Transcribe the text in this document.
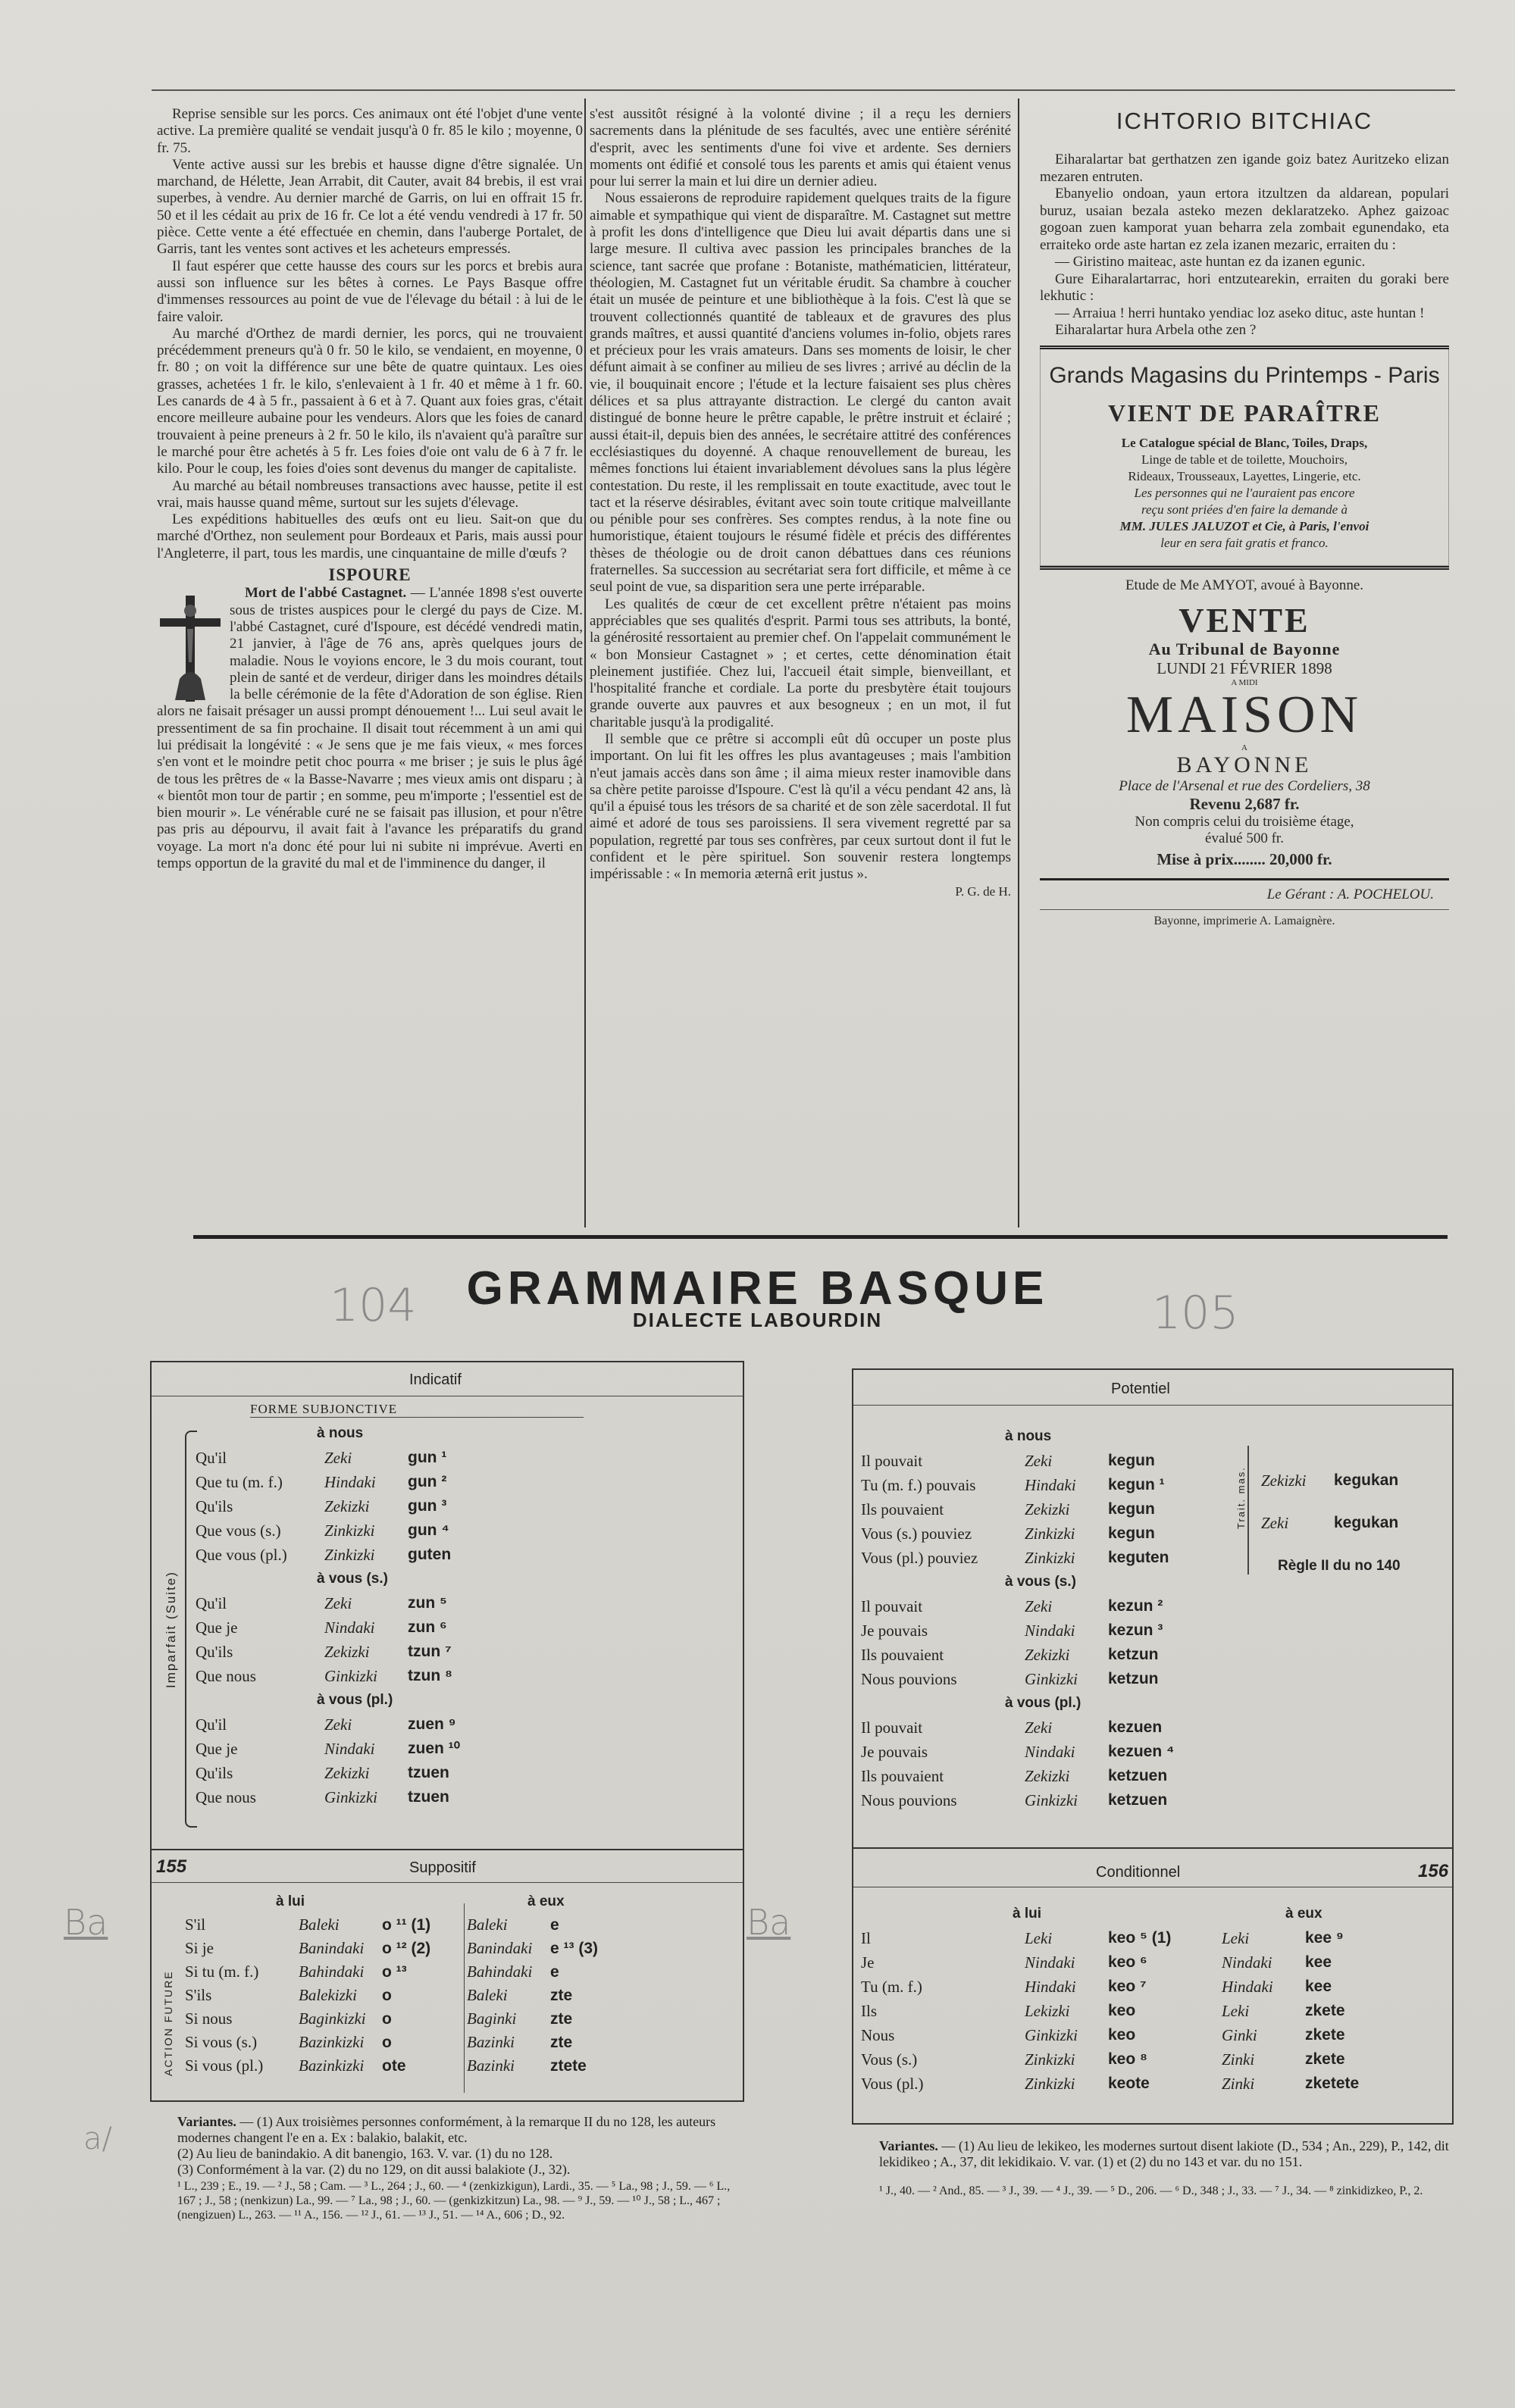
Reprise sensible sur les porcs. Ces animaux ont été l'objet d'une vente active. La première qualité se vendait jusqu'à 0 fr. 85 le kilo ; moyenne, 0 fr. 75.

Vente active aussi sur les brebis et hausse digne d'être signalée. Un marchand, de Hélette, Jean Arrabit, dit Cauter, avait 84 brebis, il est vrai superbes, à vendre. Au dernier marché de Garris, on lui en offrait 15 fr. 50 et il les cédait au prix de 16 fr. Ce lot a été vendu vendredi à 17 fr. 50 pièce. Cette vente a été effectuée en chemin, dans l'auberge Portalet, de Garris, tant les ventes sont actives et les acheteurs empressés.

Il faut espérer que cette hausse des cours sur les porcs et brebis aura aussi son influence sur les bêtes à cornes. Le Pays Basque offre d'immenses ressources au point de vue de l'élevage du bétail : à lui de le faire valoir.

Au marché d'Orthez de mardi dernier, les porcs, qui ne trouvaient précédemment preneurs qu'à 0 fr. 50 le kilo, se vendaient, en moyenne, 0 fr. 80 ; on voit la différence sur une bête de quatre quintaux. Les oies grasses, achetées 1 fr. le kilo, s'enlevaient à 1 fr. 40 et même à 1 fr. 60. Les canards de 4 à 5 fr., passaient à 6 et à 7. Quant aux foies gras, c'était encore meilleure aubaine pour les vendeurs. Alors que les foies de canard trouvaient à peine preneurs à 2 fr. 50 le kilo, ils n'avaient qu'à paraître sur le marché pour être achetés à 5 fr. Les foies d'oie ont valu de 6 à 7 fr. le kilo. Pour le coup, les foies d'oies sont devenus du manger de capitaliste.

Au marché au bétail nombreuses transactions avec hausse, petite il est vrai, mais hausse quand même, surtout sur les sujets d'élevage.

Les expéditions habituelles des œufs ont eu lieu. Sait-on que du marché d'Orthez, non seulement pour Bordeaux et Paris, mais aussi pour l'Angleterre, il part, tous les mardis, une cinquantaine de mille d'œufs ?

ISPOURE

Mort de l'abbé Castagnet. — L'année 1898 s'est ouverte sous de tristes auspices pour le clergé du pays de Cize. M. l'abbé Castagnet, curé d'Ispoure, est décédé vendredi matin, 21 janvier, à l'âge de 76 ans, après quelques jours de maladie. Nous le voyions encore, le 3 du mois courant, tout plein de santé et de verdeur, diriger dans les moindres détails la belle cérémonie de la fête d'Adoration de son église. Rien alors ne faisait présager un aussi prompt dénouement !... Lui seul avait le pressentiment de sa fin prochaine. Il disait tout récemment à un ami qui lui prédisait la longévité : « Je sens que je me fais vieux, « mes forces s'en vont et le moindre petit choc pourra « me briser ; je suis le plus âgé de tous les prêtres de « la Basse-Navarre ; mes vieux amis ont disparu ; à « bientôt mon tour de partir ; en somme, peu m'importe ; l'essentiel est de bien mourir ». Le vénérable curé ne se faisait pas illusion, et pour n'être pas pris au dépourvu, il avait fait à l'avance les préparatifs du grand voyage. La mort n'a donc été pour lui ni subite ni imprévue. Averti en temps opportun de la gravité du mal et de l'imminence du danger, il

s'est aussitôt résigné à la volonté divine ; il a reçu les derniers sacrements dans la plénitude de ses facultés, avec une entière sérénité d'esprit, avec les sentiments d'une foi vive et ardente. Ses derniers moments ont édifié et consolé tous les parents et amis qui étaient venus pour lui serrer la main et lui dire un dernier adieu.

Nous essaierons de reproduire rapidement quelques traits de la figure aimable et sympathique qui vient de disparaître. M. Castagnet sut mettre à profit les dons d'intelligence que Dieu lui avait départis dans une si large mesure. Il cultiva avec passion les principales branches de la science, tant sacrée que profane : Botaniste, mathématicien, littérateur, théologien, M. Castagnet fut un véritable érudit. Sa chambre à coucher était un musée de peinture et une bibliothèque à la fois. C'est là que se trouvent collectionnés quantité de tableaux et de gravures des plus grands maîtres, et aussi quantité d'anciens volumes in-folio, objets rares et précieux pour les vrais amateurs. Dans ses moments de loisir, le cher défunt aimait à se confiner au milieu de ses livres ; arrivé au déclin de la vie, il bouquinait encore ; l'étude et la lecture faisaient ses plus chères délices et sa plus attrayante distraction. Le clergé du canton avait distingué de bonne heure le prêtre capable, le prêtre instruit et éclairé ; aussi était-il, depuis bien des années, le secrétaire attitré des conférences ecclésiastiques du doyenné. A chaque renouvellement de bureau, les mêmes fonctions lui étaient invariablement dévolues sans la plus légère contestation. Du reste, il les remplissait en toute exactitude, avec tout le tact et la réserve désirables, évitant avec soin toute critique malveillante ou pénible pour ses confrères. Ses comptes rendus, à la note fine ou humoristique, étaient toujours le résumé fidèle et précis des différentes thèses de théologie ou de droit canon débattues dans ces réunions fraternelles. Sa succession au secrétariat sera fort difficile, et même à ce seul point de vue, sa disparition sera une perte irréparable.

Les qualités de cœur de cet excellent prêtre n'étaient pas moins appréciables que ses qualités d'esprit. Parmi tous ses attributs, la bonté, la générosité ressortaient au premier chef. On l'appelait communément le « bon Monsieur Castagnet » ; et certes, cette dénomination était pleinement justifiée. Chez lui, l'accueil était simple, bienveillant, et l'hospitalité franche et cordiale. La porte du presbytère était toujours grande ouverte aux pauvres et aux besogneux ; en un mot, il fut charitable jusqu'à la prodigalité.

Il semble que ce prêtre si accompli eût dû occuper un poste plus important. On lui fit les offres les plus avantageuses ; mais l'ambition n'eut jamais accès dans son âme ; il aima mieux rester inamovible dans sa chère petite paroisse d'Ispoure. C'est là qu'il a vécu pendant 42 ans, là qu'il a épuisé tous les trésors de sa charité et de son zèle sacerdotal. Il fut aimé et adoré de tous ses paroissiens. Il sera vivement regretté par sa population, regretté par tous ses confrères, par ceux surtout dont il fut le confident et le père spirituel. Son souvenir restera longtemps impérissable : « In memoria æternâ erit justus ».

P. G. de H.
ICHTORIO BITCHIAC

Eiharalartar bat gerthatzen zen igande goiz batez Auritzeko elizan mezaren entruten.

Ebanyelio ondoan, yaun ertora itzultzen da aldarean, populari buruz, usaian bezala asteko mezen deklaratzeko. Aphez gaizoac gogoan zuen kamporat yuan beharra zela zombait egunendako, eta erraiteko orde aste hartan ez zela izanen mezaric, erraiten du :

— Giristino maiteac, aste huntan ez da izanen egunic.

Gure Eiharalartarrac, hori entzutearekin, erraiten du goraki bere lekhutic :

— Arraiua ! herri huntako yendiac loz aseko dituc, aste huntan !

Eiharalartar hura Arbela othe zen ?

Grands Magasins du Printemps - Paris
VIENT DE PARAÎTRE
Le Catalogue spécial de Blanc, Toiles, Draps,
Linge de table et de toilette, Mouchoirs,
Rideaux, Trousseaux, Layettes, Lingerie, etc.
Les personnes qui ne l'auraient pas encore
reçu sont priées d'en faire la demande à
MM. JULES JALUZOT et Cie, à Paris, l'envoi
leur en sera fait gratis et franco.
Etude de Me AMYOT, avoué à Bayonne.
VENTE
Au Tribunal de Bayonne
LUNDI 21 FÉVRIER 1898
A MIDI
MAISON
A
BAYONNE
Place de l'Arsenal et rue des Cordeliers, 38
Revenu 2,687 fr.
Non compris celui du troisième étage,
évalué 500 fr.
Mise à prix........ 20,000 fr.
Le Gérant : A. POCHELOU.
Bayonne, imprimerie A. Lamaignère.
GRAMMAIRE BASQUE
DIALECTE LABOURDIN
104	105
Indicatif
FORME SUBJONCTIVE
Imparfait (Suite)
à nous
Qu'il	Zeki	gun ¹
Que tu (m. f.)	Hindaki	gun ²
Qu'ils	Zekizki	gun ³
Que vous (s.)	Zinkizki	gun ⁴
Que vous (pl.)	Zinkizki	guten
à vous (s.)
Qu'il	Zeki	zun ⁵
Que je	Nindaki	zun ⁶
Qu'ils	Zekizki	tzun ⁷
Que nous	Ginkizki	tzun ⁸
à vous (pl.)
Qu'il	Zeki	zuen ⁹
Que je	Nindaki	zuen ¹⁰
Qu'ils	Zekizki	tzuen
Que nous	Ginkizki	tzuen
155	Suppositif
ACTION FUTURE
à lui	à eux
S'il	Baleki	o ¹¹ (1)	Baleki	e
Si je	Banindaki	o ¹² (2)	Banindaki	e ¹³ (3)
Si tu (m. f.)	Bahindaki	o ¹³	Bahindaki	e
S'ils	Balekizki	o	Baleki	zte
Si nous	Baginkizki	o	Baginki	zte
Si vous (s.)	Bazinkizki	o	Bazinki	zte
Si vous (pl.)	Bazinkizki	ote	Bazinki	ztete
Ba	Ba
a/	Variantes. — (1) Aux troisièmes personnes conformément, à la remarque II du no 128, les auteurs modernes changent l'e en a. Ex : balakio, balakit, etc.
(2) Au lieu de banindakio. A dit banengio, 163. V. var. (1) du no 128.
(3) Conformément à la var. (2) du no 129, on dit aussi balakiote (J., 32).
¹ L., 239 ; E., 19. — ² J., 58 ; Cam. — ³ L., 264 ; J., 60. — ⁴ (zenkizkigun), Lardi., 35. — ⁵ La., 98 ; J., 59. — ⁶ L., 167 ; J., 58 ; (nenkizun) La., 99. — ⁷ La., 98 ; J., 60. — (genkizkitzun) La., 98. — ⁹ J., 59. — ¹⁰ J., 58 ; L., 467 ; (nengizuen) L., 263. — ¹¹ A., 156. — ¹² J., 61. — ¹³ J., 51. — ¹⁴ A., 606 ; D., 92.
Potentiel
à nous
Il pouvait	Zeki	kegun
Tu (m. f.) pouvais	Hindaki	kegun ¹
Ils pouvaient	Zekizki	kegun
Vous (s.) pouviez	Zinkizki	kegun
Vous (pl.) pouviez	Zinkizki	keguten
à vous (s.)
Il pouvait	Zeki	kezun ²
Je pouvais	Nindaki	kezun ³
Ils pouvaient	Zekizki	ketzun
Nous pouvions	Ginkizki	ketzun
à vous (pl.)
Il pouvait	Zeki	kezuen
Je pouvais	Nindaki	kezuen ⁴
Ils pouvaient	Zekizki	ketzuen
Nous pouvions	Ginkizki	ketzuen
Trait. mas. Zekizki	kegukan
Zeki	kegukan
Règle II du no 140
Conditionnel	156
à lui	à eux
Il	Leki	keo ⁵ (1)	Leki	kee ⁹
Je	Nindaki	keo ⁶	Nindaki	kee
Tu (m. f.)	Hindaki	keo ⁷	Hindaki	kee
Ils	Lekizki	keo	Leki	zkete
Nous	Ginkizki	keo	Ginki	zkete
Vous (s.)	Zinkizki	keo ⁸	Zinki	zkete
Vous (pl.)	Zinkizki	keote	Zinki	zketete
Variantes. — (1) Au lieu de lekikeo, les modernes surtout disent lakiote (D., 534 ; An., 229), P., 142, dit lekidikeo ; A., 37, dit lekidikaio. V. var. (1) et (2) du no 143 et var. du no 151.
¹ J., 40. — ² And., 85. — ³ J., 39. — ⁴ J., 39. — ⁵ D., 206. — ⁶ D., 348 ; J., 33. — ⁷ J., 34. — ⁸ zinkidizkeo, P., 2.
